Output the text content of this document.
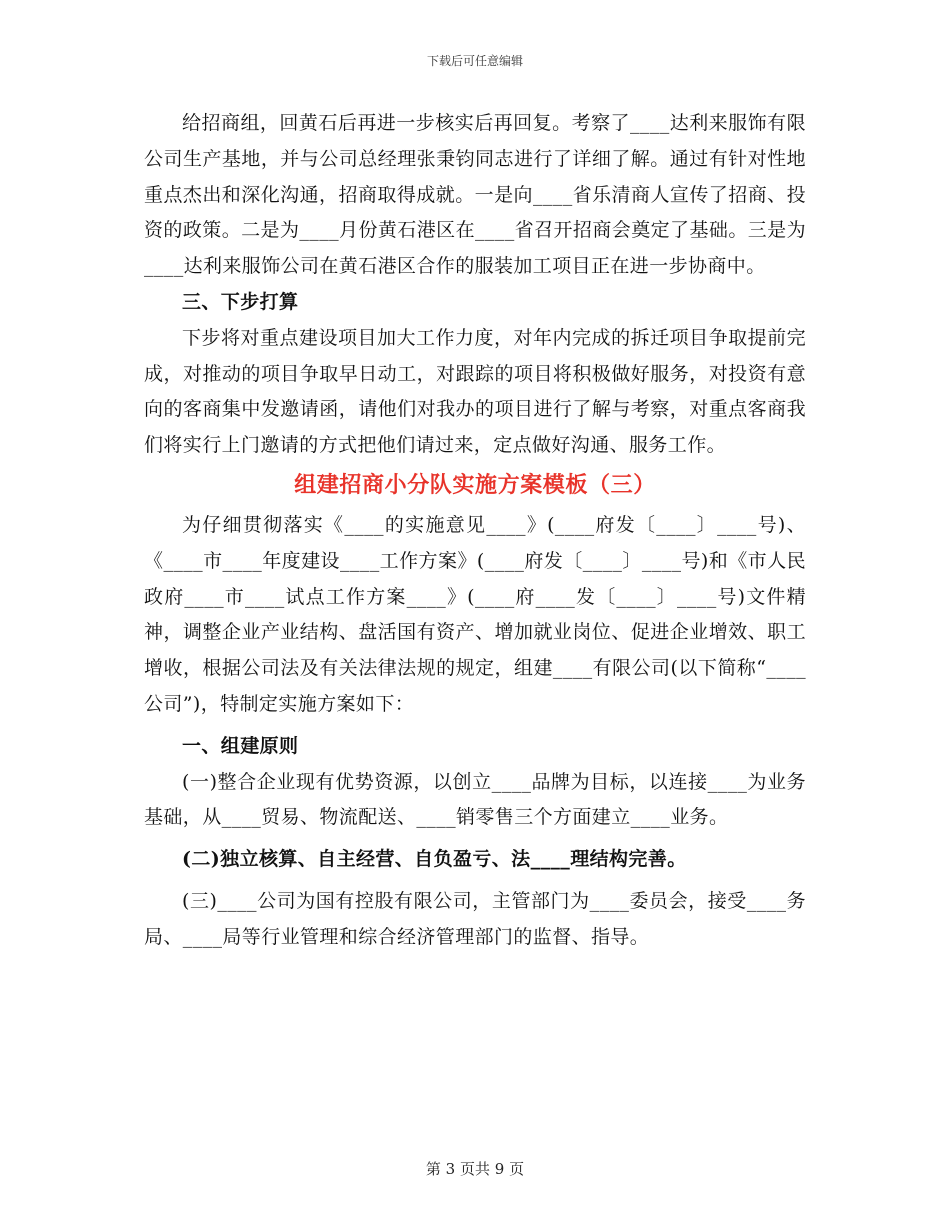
下载后可任意编辑

给招商组，回黄石后再进一步核实后再回复。考察了____达利来服饰有限公司生产基地，并与公司总经理张秉钧同志进行了详细了解。通过有针对性地重点杰出和深化沟通，招商取得成就。一是向____省乐清商人宣传了招商、投资的政策。二是为____月份黄石港区在____省召开招商会奠定了基础。三是为____达利来服饰公司在黄石港区合作的服装加工项目正在进一步协商中。

三、下步打算

下步将对重点建设项目加大工作力度，对年内完成的拆迁项目争取提前完成，对推动的项目争取早日动工，对跟踪的项目将积极做好服务，对投资有意向的客商集中发邀请函，请他们对我办的项目进行了解与考察，对重点客商我们将实行上门邀请的方式把他们请过来，定点做好沟通、服务工作。

组建招商小分队实施方案模板（三）

为仔细贯彻落实《____的实施意见____》(____府发〔____〕____号)、《____市____年度建设____工作方案》(____府发〔____〕____号)和《市人民政府____市____试点工作方案____》(____府____发〔____〕____号)文件精神，调整企业产业结构、盘活国有资产、增加就业岗位、促进企业增效、职工增收，根据公司法及有关法律法规的规定，组建____有限公司(以下简称“____公司”)，特制定实施方案如下：

一、组建原则

(一)整合企业现有优势资源，以创立____品牌为目标，以连接____为业务基础，从____贸易、物流配送、____销零售三个方面建立____业务。

(二)独立核算、自主经营、自负盈亏、法____理结构完善。

(三)____公司为国有控股有限公司，主管部门为____委员会，接受____务局、____局等行业管理和综合经济管理部门的监督、指导。

第 3 页共 9 页
